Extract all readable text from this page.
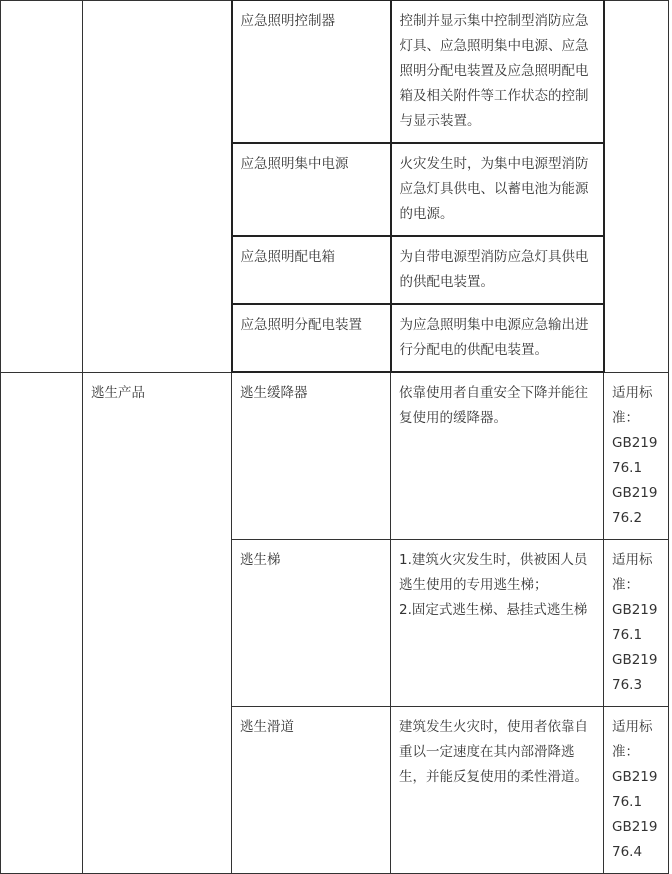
		应急照明控制器	控制并显示集中控制型消防应急灯具、应急照明集中电源、应急照明分配电装置及应急照明配电箱及相关附件等工作状态的控制与显示装置。	

		应急照明集中电源	火灾发生时，为集中电源型消防应急灯具供电、以蓄电池为能源的电源。	

		应急照明配电箱	为自带电源型消防应急灯具供电的供配电装置。	

		应急照明分配电装置	为应急照明集中电源应急输出进行分配电的供配电装置。	

	逃生产品	逃生缓降器	依靠使用者自重安全下降并能往复使用的缓降器。	适用标准：
GB21976.1
GB21976.2

		逃生梯	1.建筑火灾发生时，供被困人员逃生使用的专用逃生梯；
2.固定式逃生梯、悬挂式逃生梯	适用标准：
GB21976.1
GB21976.3

		逃生滑道	建筑发生火灾时，使用者依靠自重以一定速度在其内部滑降逃生，并能反复使用的柔性滑道。	适用标准：
GB21976.1
GB21976.4
